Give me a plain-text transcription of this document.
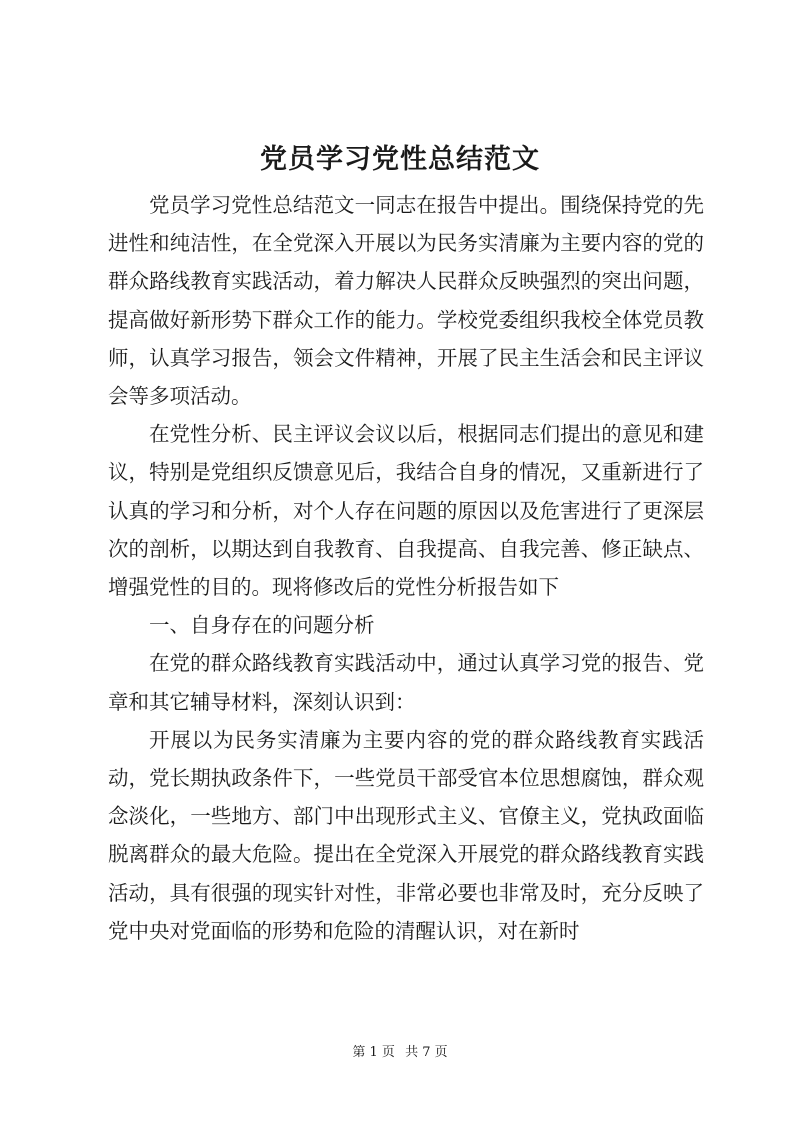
党员学习党性总结范文

党员学习党性总结范文一同志在报告中提出。围绕保持党的先进性和纯洁性，在全党深入开展以为民务实清廉为主要内容的党的群众路线教育实践活动，着力解决人民群众反映强烈的突出问题，提高做好新形势下群众工作的能力。学校党委组织我校全体党员教师，认真学习报告，领会文件精神，开展了民主生活会和民主评议会等多项活动。

在党性分析、民主评议会议以后，根据同志们提出的意见和建议，特别是党组织反馈意见后，我结合自身的情况，又重新进行了认真的学习和分析，对个人存在问题的原因以及危害进行了更深层次的剖析，以期达到自我教育、自我提高、自我完善、修正缺点、增强党性的目的。现将修改后的党性分析报告如下

一、自身存在的问题分析

在党的群众路线教育实践活动中，通过认真学习党的报告、党章和其它辅导材料，深刻认识到：

开展以为民务实清廉为主要内容的党的群众路线教育实践活动，党长期执政条件下，一些党员干部受官本位思想腐蚀，群众观念淡化，一些地方、部门中出现形式主义、官僚主义，党执政面临脱离群众的最大危险。提出在全党深入开展党的群众路线教育实践活动，具有很强的现实针对性，非常必要也非常及时，充分反映了党中央对党面临的形势和危险的清醒认识，对在新时

第 1 页 共 7 页
